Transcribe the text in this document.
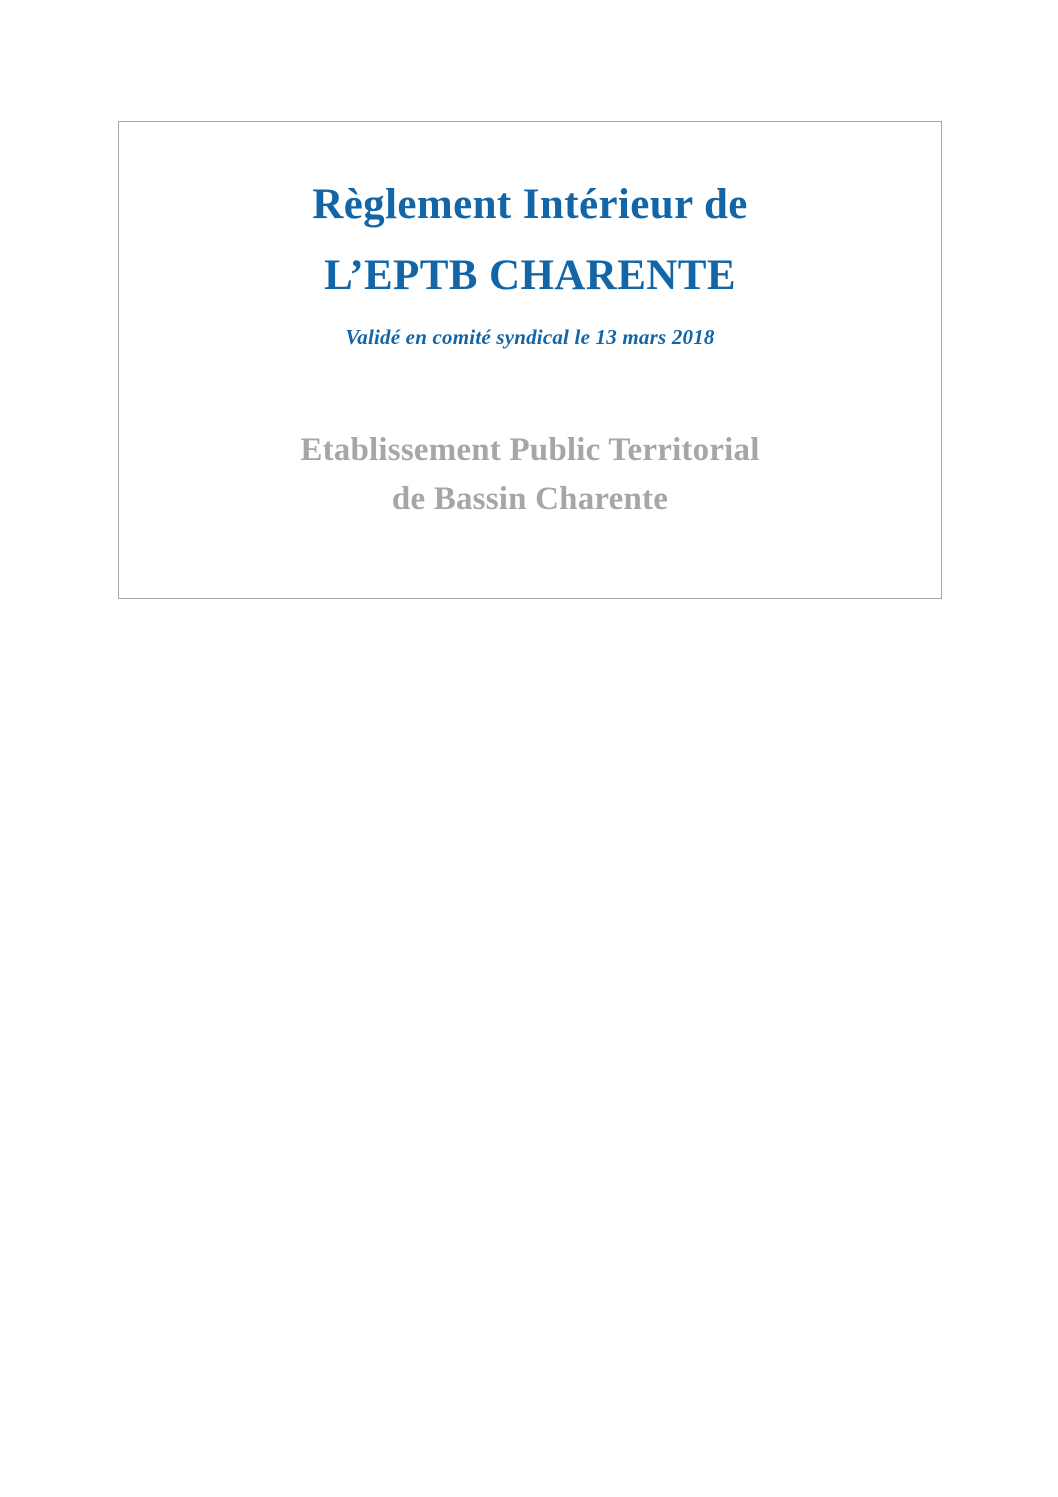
Règlement Intérieur de

L’EPTB CHARENTE

Validé en comité syndical le 13 mars 2018

Etablissement Public Territorial

de Bassin Charente
